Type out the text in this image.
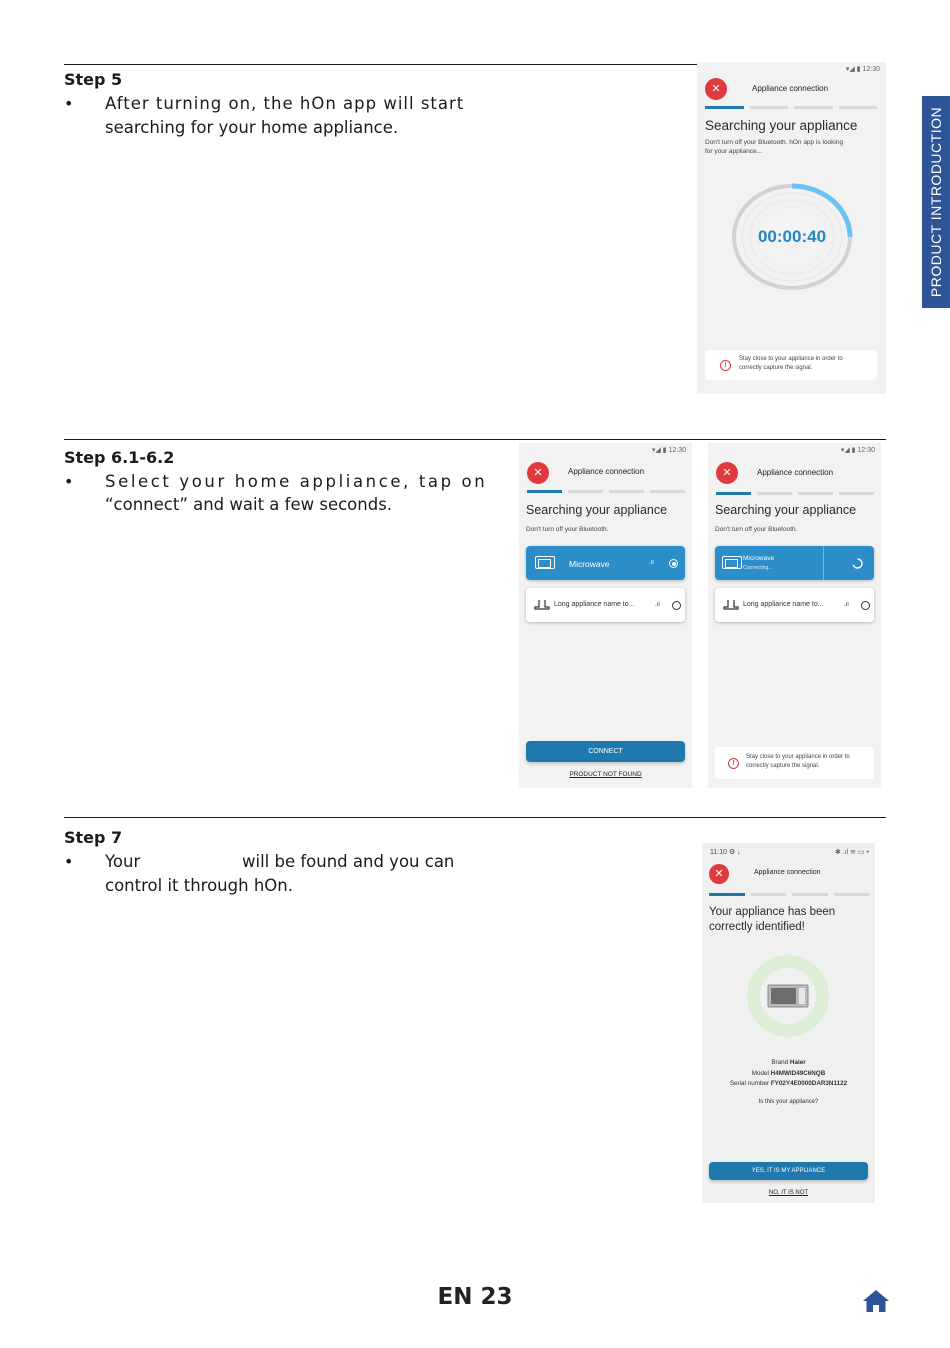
PRODUCT INTRODUCTION
Step 5
• After turning on, the hOn app will start
searching for your home appliance.
▾◢ ▮ 12:30
✕	Appliance connection
Searching your appliance
Don't turn off your Bluetooth. hOn app is looking
for your appliance...
00:00:40
!
Stay close to your appliance in order to
correctly capture the signal.
Step 6.1-6.2
• Select your home appliance, tap on
“connect” and wait a few seconds.
▾◢ ▮ 12:30
✕	Appliance connection
Searching your appliance
Don't turn off your Bluetooth.
Microwave	.ıl
Long appliance name to...	.ıl
CONNECT
PRODUCT NOT FOUND
▾◢ ▮ 12:30
✕	Appliance connection
Searching your appliance
Don't turn off your Bluetooth.
Microwave
Connecting...
Long appliance name to...	.ıl
!
Stay close to your appliance in order to
correctly capture the signal.
Step 7
• Your	will be found and you can
control it through hOn.
11:10 ⚙ ↓	✱ .ıl ≋ ▭ •
✕	Appliance connection
Your appliance has been
correctly identified!
Brand Haier
Model H4MWID49C6NQB
Serial number FY02Y4E0000DAR3N1122
Is this your appliance?
YES, IT IS MY APPLIANCE
NO, IT IS NOT
EN 23
